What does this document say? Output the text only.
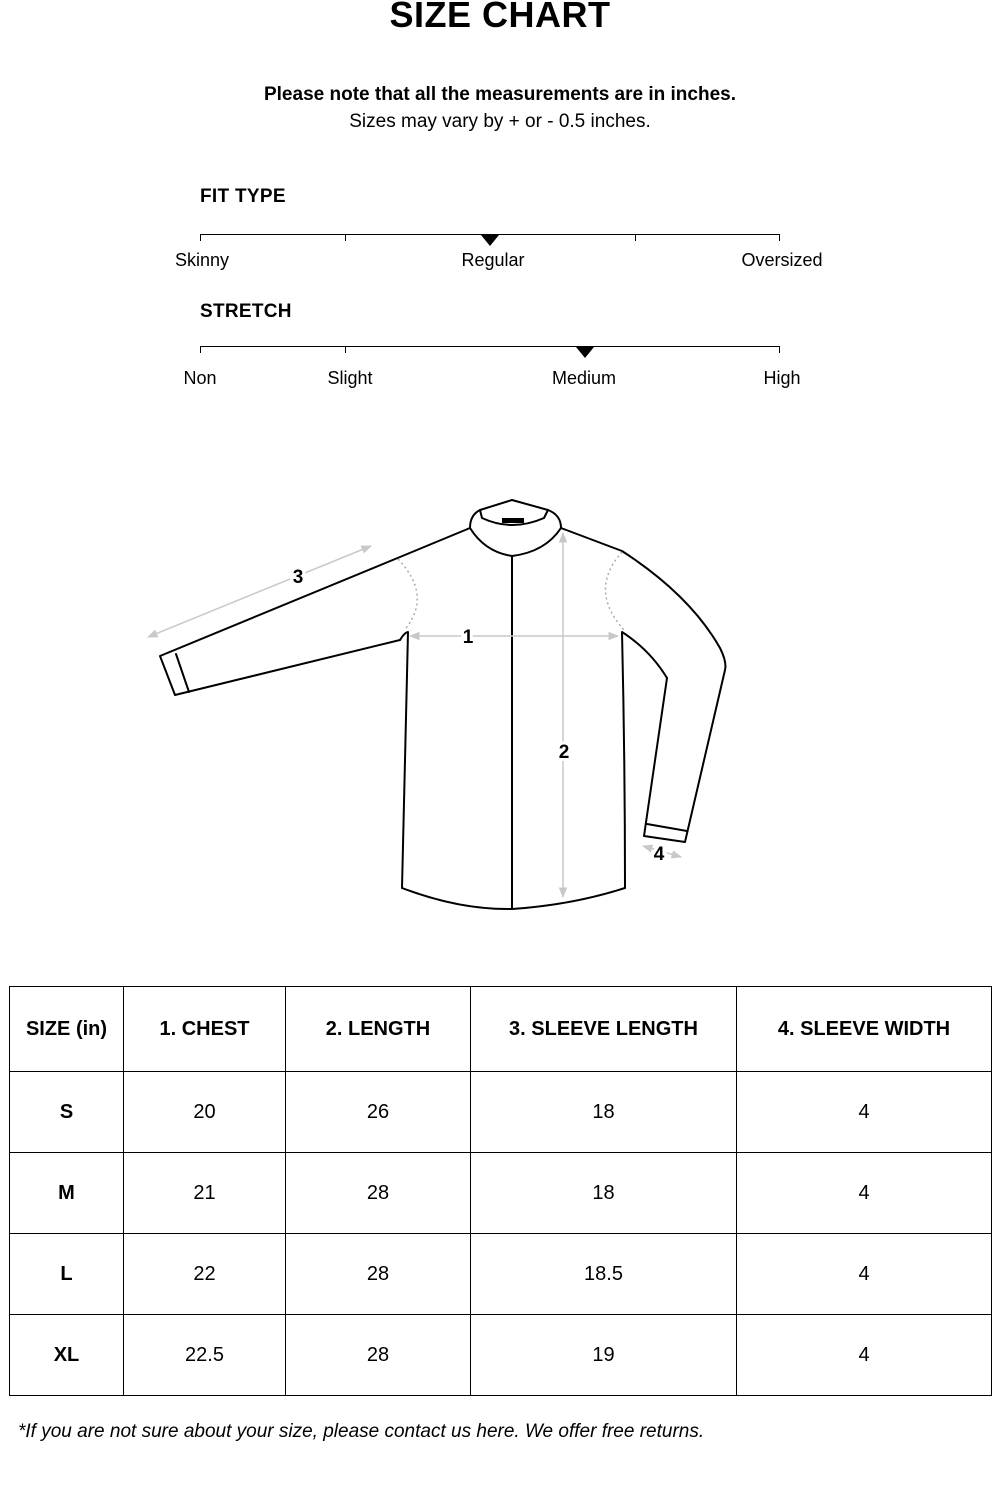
SIZE CHART
Please note that all the measurements are in inches.
Sizes may vary by + or - 0.5 inches.
FIT TYPE
Skinny	Regular	Oversized
STRETCH
Non	Slight	Medium	High
1
2
3
4
SIZE (in)	1. CHEST	2. LENGTH	3. SLEEVE LENGTH	4. SLEEVE WIDTH
S	20	26	18	4
M	21	28	18	4
L	22	28	18.5	4
XL	22.5	28	19	4
*If you are not sure about your size, please contact us here. We offer free returns.
